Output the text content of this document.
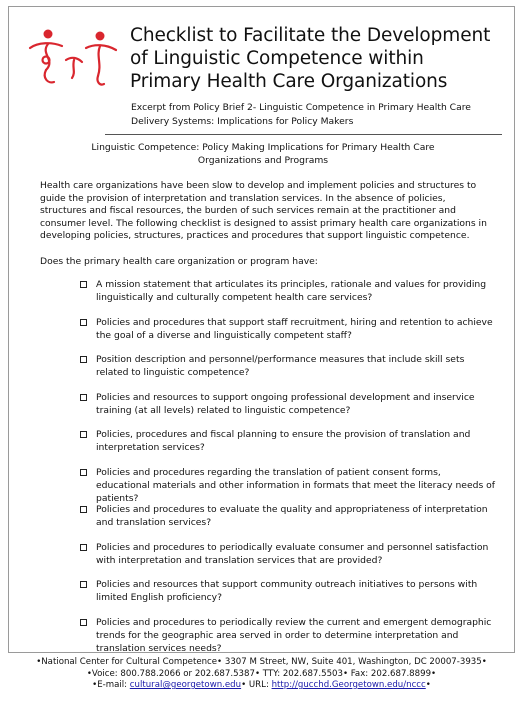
Checklist to Facilitate the Development of Linguistic Competence within Primary Health Care Organizations
Excerpt from Policy Brief 2- Linguistic Competence in Primary Health Care
Delivery Systems: Implications for Policy Makers
Linguistic Competence: Policy Making Implications for Primary Health Care
Organizations and Programs
Health care organizations have been slow to develop and implement policies and structures to guide the provision of interpretation and translation services. In the absence of policies, structures and fiscal resources, the burden of such services remain at the practitioner and consumer level. The following checklist is designed to assist primary health care organizations in developing policies, structures, practices and procedures that support linguistic competence.
Does the primary health care organization or program have:
A mission statement that articulates its principles, rationale and values for providing linguistically and culturally competent health care services?
Policies and procedures that support staff recruitment, hiring and retention to achieve the goal of a diverse and linguistically competent staff?
Position description and personnel/performance measures that include skill sets related to linguistic competence?
Policies and resources to support ongoing professional development and inservice training (at all levels) related to linguistic competence?
Policies, procedures and fiscal planning to ensure the provision of translation and interpretation services?
Policies and procedures regarding the translation of patient consent forms, educational materials and other information in formats that meet the literacy needs of patients?
Policies and procedures to evaluate the quality and appropriateness of interpretation and translation services?
Policies and procedures to periodically evaluate consumer and personnel satisfaction with interpretation and translation services that are provided?
Policies and resources that support community outreach initiatives to persons with limited English proficiency?
Policies and procedures to periodically review the current and emergent demographic trends for the geographic area served in order to determine interpretation and translation services needs?
•National Center for Cultural Competence• 3307 M Street, NW, Suite 401, Washington, DC 20007-3935•
•Voice: 800.788.2066 or 202.687.5387• TTY: 202.687.5503• Fax: 202.687.8899•
•E-mail: cultural@georgetown.edu• URL: http://gucchd.Georgetown.edu/nccc•
